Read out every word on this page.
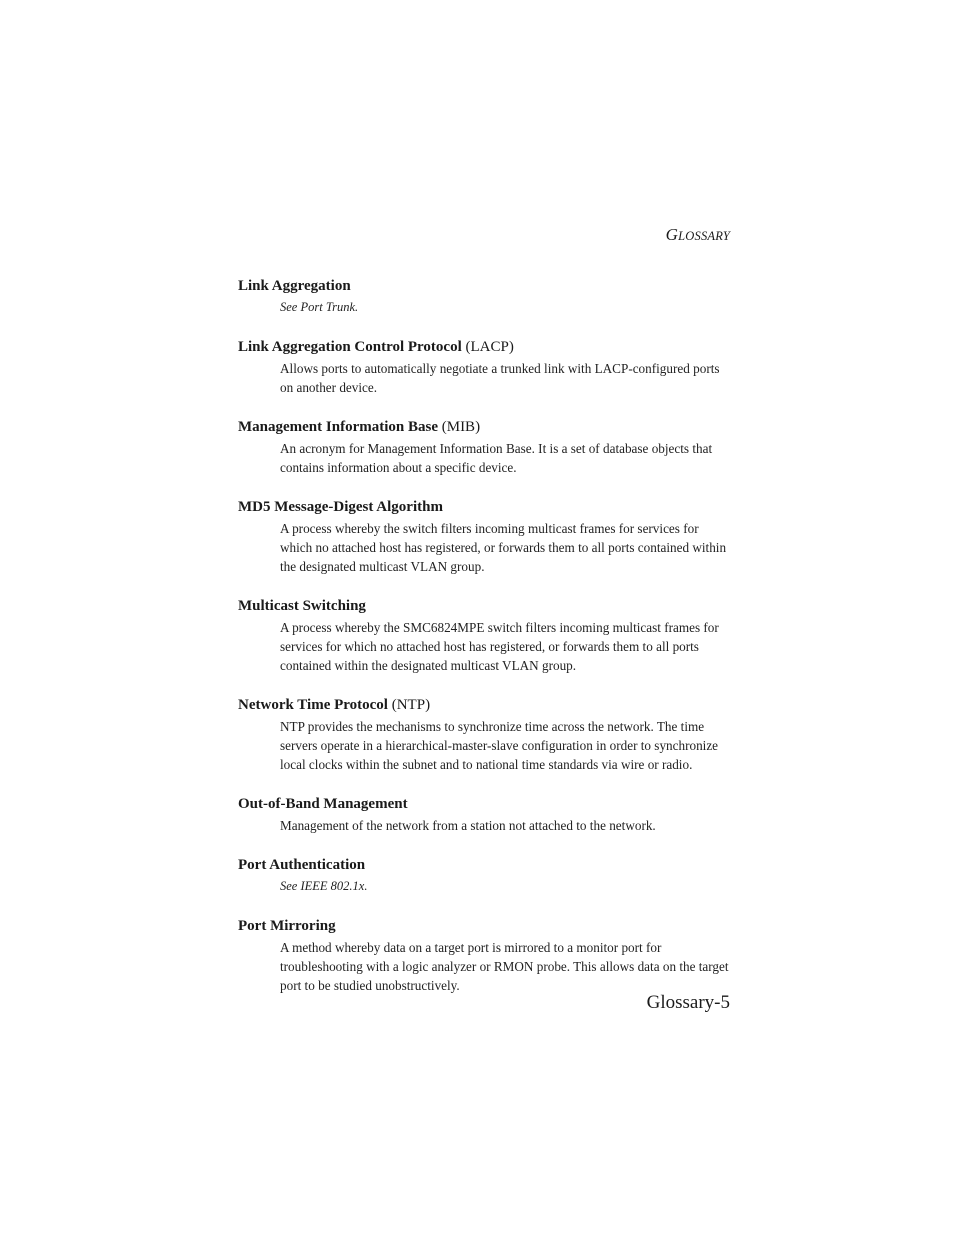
GLOSSARY

Link Aggregation

See Port Trunk.

Link Aggregation Control Protocol (LACP)

Allows ports to automatically negotiate a trunked link with LACP-configured ports on another device.

Management Information Base (MIB)

An acronym for Management Information Base. It is a set of database objects that contains information about a specific device.

MD5 Message-Digest Algorithm

A process whereby the switch filters incoming multicast frames for services for which no attached host has registered, or forwards them to all ports contained within the designated multicast VLAN group.

Multicast Switching

A process whereby the SMC6824MPE switch filters incoming multicast frames for services for which no attached host has registered, or forwards them to all ports contained within the designated multicast VLAN group.

Network Time Protocol (NTP)

NTP provides the mechanisms to synchronize time across the network. The time servers operate in a hierarchical-master-slave configuration in order to synchronize local clocks within the subnet and to national time standards via wire or radio.

Out-of-Band Management

Management of the network from a station not attached to the network.

Port Authentication

See IEEE 802.1x.

Port Mirroring

A method whereby data on a target port is mirrored to a monitor port for troubleshooting with a logic analyzer or RMON probe. This allows data on the target port to be studied unobstructively.

Glossary-5
